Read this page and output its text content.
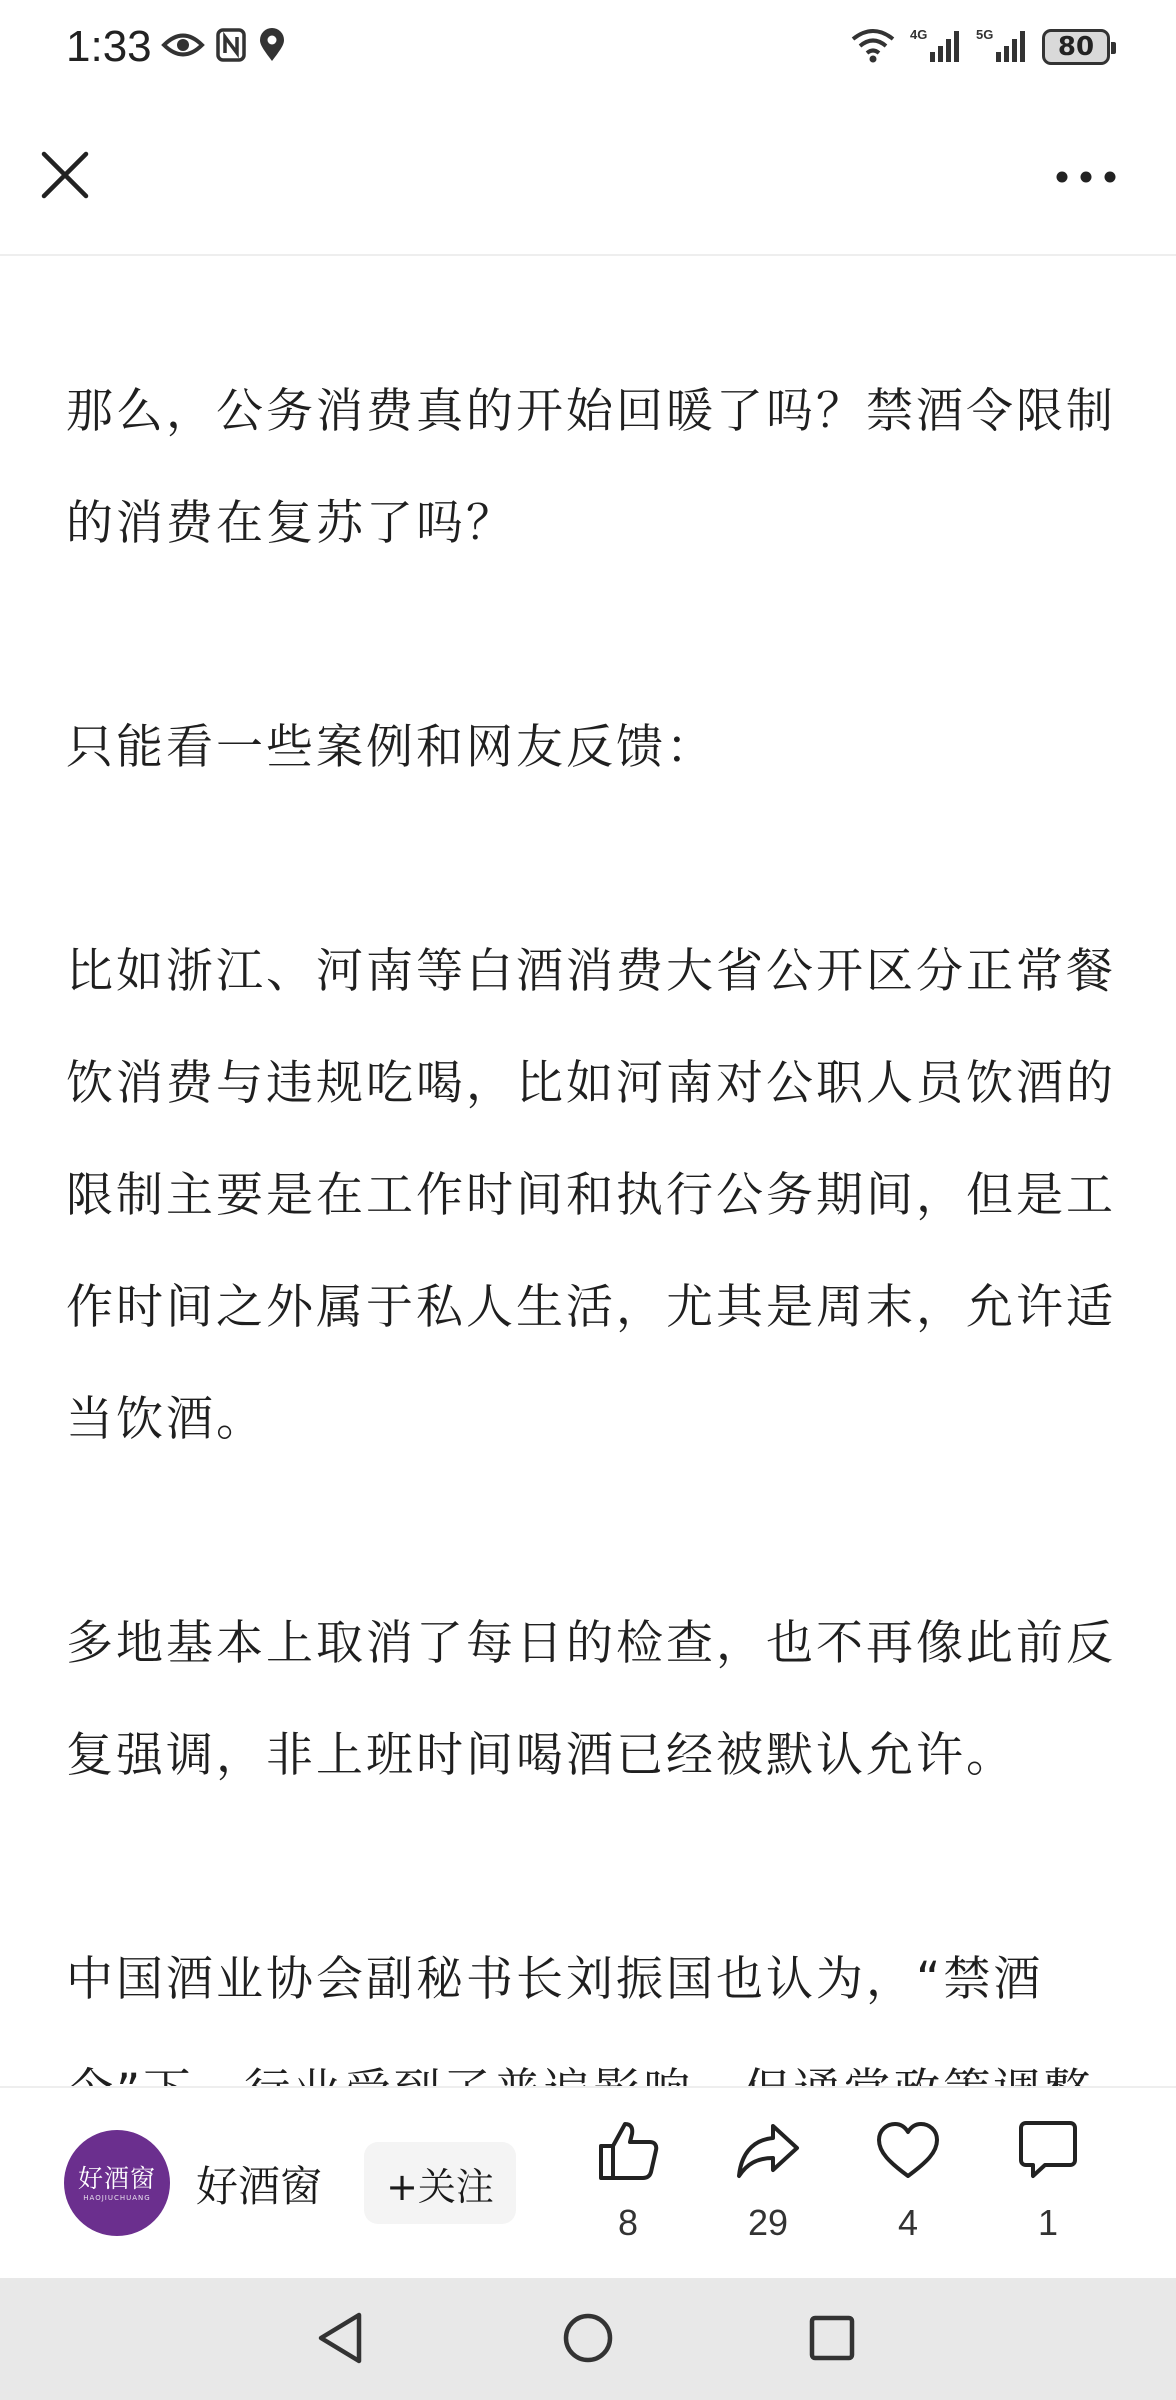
1:33	4G	5G	80

那么，公务消费真的开始回暖了吗？禁酒令限制的消费在复苏了吗？

只能看一些案例和网友反馈：

比如浙江、河南等白酒消费大省公开区分正常餐饮消费与违规吃喝，比如河南对公职人员饮酒的限制主要是在工作时间和执行公务期间，但是工作时间之外属于私人生活，尤其是周末，允许适当饮酒。

多地基本上取消了每日的检查，也不再像此前反复强调，非上班时间喝酒已经被默认允许。

中国酒业协会副秘书长刘振国也认为，“禁酒

好酒窗
HAOJIUCHUANG 好酒窗	+关注
8	29	4	1
